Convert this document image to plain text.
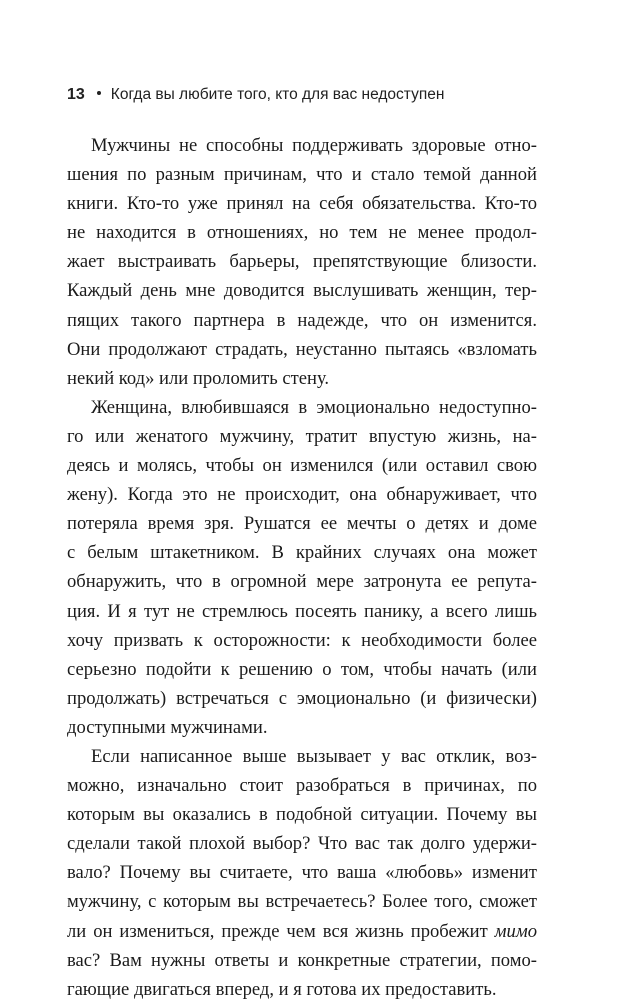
13 Когда вы любите того, кто для вас недоступен
Мужчины не способны поддерживать здоровые отно-
шения по разным причинам, что и стало темой данной
книги. Кто-то уже принял на себя обязательства. Кто-то
не находится в отношениях, но тем не менее продол-
жает выстраивать барьеры, препятствующие близости.
Каждый день мне доводится выслушивать женщин, тер-
пящих такого партнера в надежде, что он изменится.
Они продолжают страдать, неустанно пытаясь «взломать
некий код» или проломить стену.
Женщина, влюбившаяся в эмоционально недоступно-
го или женатого мужчину, тратит впустую жизнь, на-
деясь и молясь, чтобы он изменился (или оставил свою
жену). Когда это не происходит, она обнаруживает, что
потеряла время зря. Рушатся ее мечты о детях и доме
с белым штакетником. В крайних случаях она может
обнаружить, что в огромной мере затронута ее репута-
ция. И я тут не стремлюсь посеять панику, а всего лишь
хочу призвать к осторожности: к необходимости более
серьезно подойти к решению о том, чтобы начать (или
продолжать) встречаться с эмоционально (и физически)
доступными мужчинами.
Если написанное выше вызывает у вас отклик, воз-
можно, изначально стоит разобраться в причинах, по
которым вы оказались в подобной ситуации. Почему вы
сделали такой плохой выбор? Что вас так долго удержи-
вало? Почему вы считаете, что ваша «любовь» изменит
мужчину, с которым вы встречаетесь? Более того, сможет
ли он измениться, прежде чем вся жизнь пробежит мимо
вас? Вам нужны ответы и конкретные стратегии, помо-
гающие двигаться вперед, и я готова их предоставить.
